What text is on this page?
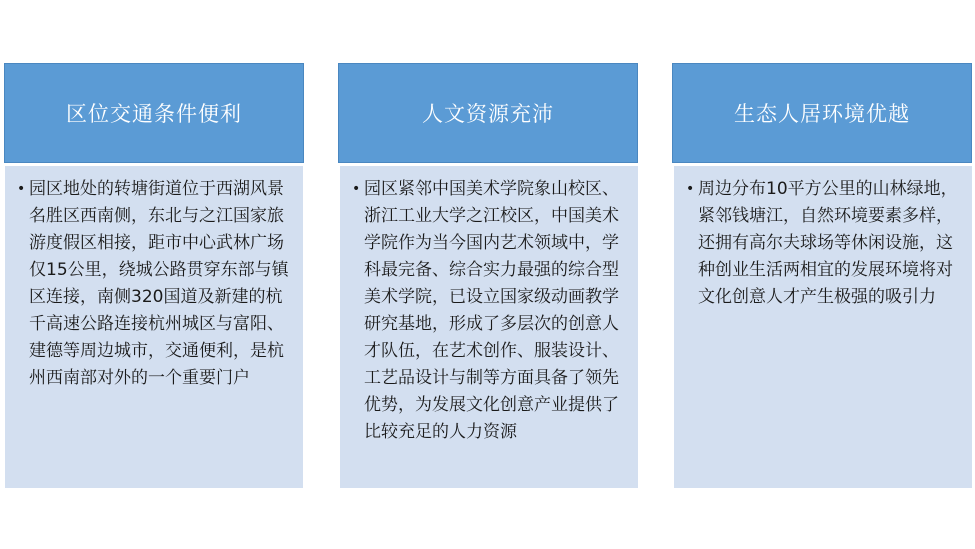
区位交通条件便利
• 园区地处的转塘街道位于西湖风景名胜区西南侧，东北与之江国家旅游度假区相接，距市中心武林广场仅15公里，绕城公路贯穿东部与镇区连接，南侧320国道及新建的杭千高速公路连接杭州城区与富阳、建德等周边城市，交通便利，是杭州西南部对外的一个重要门户
人文资源充沛
• 园区紧邻中国美术学院象山校区、浙江工业大学之江校区，中国美术学院作为当今国内艺术领域中，学科最完备、综合实力最强的综合型美术学院，已设立国家级动画教学研究基地，形成了多层次的创意人才队伍，在艺术创作、服装设计、工艺品设计与制等方面具备了领先优势，为发展文化创意产业提供了比较充足的人力资源
生态人居环境优越
• 周边分布10平方公里的山林绿地，紧邻钱塘江，自然环境要素多样，还拥有高尔夫球场等休闲设施，这种创业生活两相宜的发展环境将对文化创意人才产生极强的吸引力
